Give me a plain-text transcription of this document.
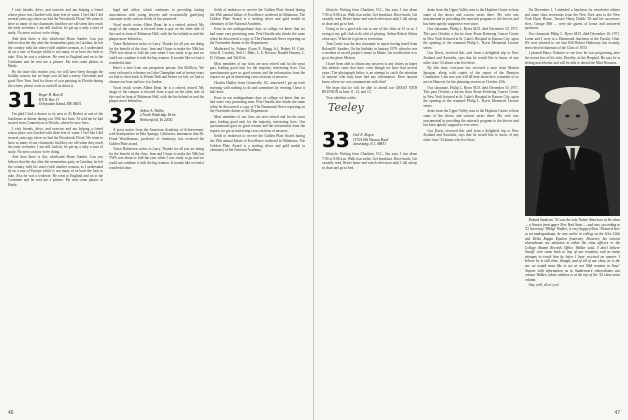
I visit friends, drive, and exercise and am helping a friend whose place was flooded with three feet of water. I feel like I did several years ago when we had the Woodstock Flood. We seem to have so many of our classmates find they are old when they reach the early seventies. I am still foolish, for get up a salty a start of study. No news on how we're doing.

And then there is this whirlwind Horm Sander. Can you believe that the day after the tremendous party in Carolina, he left the country with his sister (with another woman, as I understand it) on a tour of Europe which is not many of us have the luck to take. Also he was a widower. He went to England and on to the Continent and he sent me a picture. Pat sent some photos to Hardy.

By the time this reaches you, we will have been through the holiday season, but we hope you all had a merry Christmas and good New Year. And for those of you partying in Florida during the winter, please write us and tell us about it.

31 Roger H. Burrill
R.F.D. Box 13
Ocheyedan Island, ME 04011

I'm glad I had a chance to sit next to Al Becher at one of the luncheons at dinner during our 50th last June. Al told me he had moved from Connecticut to Florida, where he now lives.

I visit friends, drive, and exercise and am helping a friend whose place was flooded with three feet of water. I feel like I did several years ago when we had the Woodstock Flood. We seem to have so many of our classmates find they are old when they reach the early seventies. I am still foolish, for get up a salty a start of study. No news on how we're doing.

And then there is this whirlwind Horm Sander. Can you believe that the day after the tremendous party in Carolina, he left the country with his sister (with another woman, as I understand it) on a tour of Europe which is not many of us have the luck to take. Also he was a widower. He went to England and on to the Continent and he sent me a picture. Pat sent some photos to Hardy.

legal and office, which continues to providing lasting associations with young lawyers and occasionally gratifying outcomes in the various fields of law practiced.

Vocal result: writes Albert Dean, he is a retired, retired. My usage of the campus is favored from a spot on the other side of the road in front of Robinson Hall, with the Ins behind us and the plaque more behind us.

Vance Robertson writes to Larry. Thanks for all you are doing for the benefit of the class. Jean and I hope to make the 50th but TWA was about to fold the year when I was ready to go and we could not combine it with the big reunion. It sounds like we had a wonderful time.

Here's a note from our peripatetic person, Jim McElroy. We went on board a schooner on Lake Champlain and at twenty years we had to drive back to Winter Park and before we left, we had to cleanse our boat and tow it to harbor.

Vocal result: writes Albert Dean, he is a retired, retired. My usage of the campus is favored from a spot on the other side of the road in front of Robinson Hall, with the Ins behind us and the plaque more behind us.

32 Arthur A. Wallin
2 North Windridge Drive
Wethersfield, Va 22041

A press notice from the American Academy of Achievement, with headquarters in Palo Springs, California, announces that Dr. Frank Woodbourne, professor of chemistry, has received the Golden Plate award.

Vance Robertson writes to Larry. Thanks for all you are doing for the benefit of the class. Jean and I hope to make the 50th but TWA was about to fold the year when I was ready to go and we could not combine it with the big reunion. It sounds like we had a wonderful time.

fields of endeavor to receive the Golden Plate Award during the 29th annual Salute of Excellence weekend in Oklahoma. The Golden Plate Award is a sterling silver and gold medal in chemistry of the National Academy.

Even in our undergraduate days at college we knew that we had some very promising men. Pete Onsalla also thinks the same when he discovered a copy of The Dartmouth News reporting on the November dinner of the Department.

Moderated by Adams (Lynn E. Bragg Jr.), Robert H. Cole, John B. Crosbey, Neil C. Babe, L. E. Bosson, Ronald Denney, L. D. Gilman, and Ted Fish.

Most members of our class are now retired and for the most part, leading good and, for the majority, interesting lives. Our questionnaire gave us good returns and the information from the reports we got in interesting cross sections of answers.

Charles Hadley from Greenville, SC, answered I get up each morning with nothing to do and sometimes by evening I have it half done.

Even in our undergraduate days at college we knew that we had some very promising men. Pete Onsalla also thinks the same when he discovered a copy of The Dartmouth News reporting on the November dinner of the Department.

Most members of our class are now retired and for the most part, leading good and, for the majority, interesting lives. Our questionnaire gave us good returns and the information from the reports we got in interesting cross sections of answers.

fields of endeavor to receive the Golden Plate Award during the 29th annual Salute of Excellence weekend in Oklahoma. The Golden Plate Award is a sterling silver and gold medal in chemistry of the National Academy.

46

lifestyle. Writing from Charlotte, N.C., Jim says: I rise about 7:30 or 8:00 a.m. Walk four miles. Get breakfast. Have lunch. Get casually read, Retire home and watch television until I fall asleep in chair and go to bed.

Going to be a good ride out to one of the clubs at 15 or so. I swing to my golf club to do a bit of playing. Arthur Robert Atkins often says: When he is given to recreation.

Tom Curtis was the last classmate to report having heard from Roland R. Sanders. On his birthday in January 1979, when he was a resident of an old people's home in Maine, his recollection is to go to the place Marion.

I have been able to obtain any answers to any letters in hopes this address came that time, even though we have had several years. The photograph below is an attempt to catch the attention of anyone who may have had any information. Does anyone know where we can communicate with him?

We hope that he will be able to attend our GREAT 50TH REUNION in June 11, 12, and 13,

Your obedient scribe,

Teeley
33 Carl E. Rogen
1175A Old Nassau Road
Jamesburg, N.J. 08831

lifestyle. Writing from Charlotte, N.C., Jim says: I rise about 7:30 or 8:00 a.m. Walk four miles. Get breakfast. Have lunch. Get casually read, Retire home and watch television until I fall asleep in chair and go to bed.

dents from the Upper Valley area to the Hopkins Center to hear some of the shows and concert series there. My wife was instrumental in providing the outreach program to the drivers and has been quietly supportive ever since.

Our classmate, Philip L. Byers M.D. died December 10, 1971. This past October, a doctor from Sloan Kettering Cancer Center in New York lectured at St. Luke's Hospital in Kansas City, upon the opening of the renamed Philip L. Byers Memorial Lecture series.

Gus Davis, received this card from a delightful trip to New Zealand and Australia, says that he would like to know of any other class '33 alums who live there.

By this time, everyone has received a note from Marion Sprague, along with copies of the report of the Reunion Committee. I am sure you will all hear about how a number of us met at Hanover for the planning session on October 25th.

Our classmate, Philip L. Byers M.D. died December 10, 1971. This past October, a doctor from Sloan Kettering Cancer Center in New York lectured at St. Luke's Hospital in Kansas City, upon the opening of the renamed Philip L. Byers Memorial Lecture series.

dents from the Upper Valley area to the Hopkins Center to hear some of the shows and concert series there. My wife was instrumental in providing the outreach program to the drivers and has been quietly supportive ever since.

Gus Davis, received this card from a delightful trip to New Zealand and Australia, says that he would like to know of any other class '33 alums who live there.

On December 1, I attended a luncheon for newsletter editors and some class secretaries from the New York area to the New York Hyatt House. Trustee Harry Dodds '28 and his successor-elect, George Bell ... were the guests of honor and answered questions.

Our classmate Philip L. Byers M.D. died December 10, 1971. Lorna and I were at a Dartmouth luncheon at the Faculty Club. We were pleased to see that Bill Robert Hathaway has recently been elected chairman of the Class of 1933.

I phoned Harry Osborne to see how he was progressing after the recent loss of his wife, Dorothy, in the Hospital. He says he is feeling much better and will be able to attend the Mini-Reunion.

Roland Sandeem '32 was the only Native American in his class — a Seneca from upper New York State — and was, according to '32 Secretary 'Wildgr' Walker, 'a very happy fellow.' Pictured here as an undergraduate, he was active in college as the Glee Club and Delta Kappa Epsilon fraternity. However, his current whereabouts are unknown to either the class officers or the College Alumni Records Office. Walker said, 'I don't believe 'Sandy' ever came back to any of our reunions, and as many attempts to reach him by letter I have received no answer. I believe he is still alive, though, and of all of our class, he is the one we would most like to see at our 50th reunion in June.' Anyone with information as to Sanderson's whereabouts can contact Walker, whose address is at the top of the '32 class notes column.

Stay well, all of you!

47
